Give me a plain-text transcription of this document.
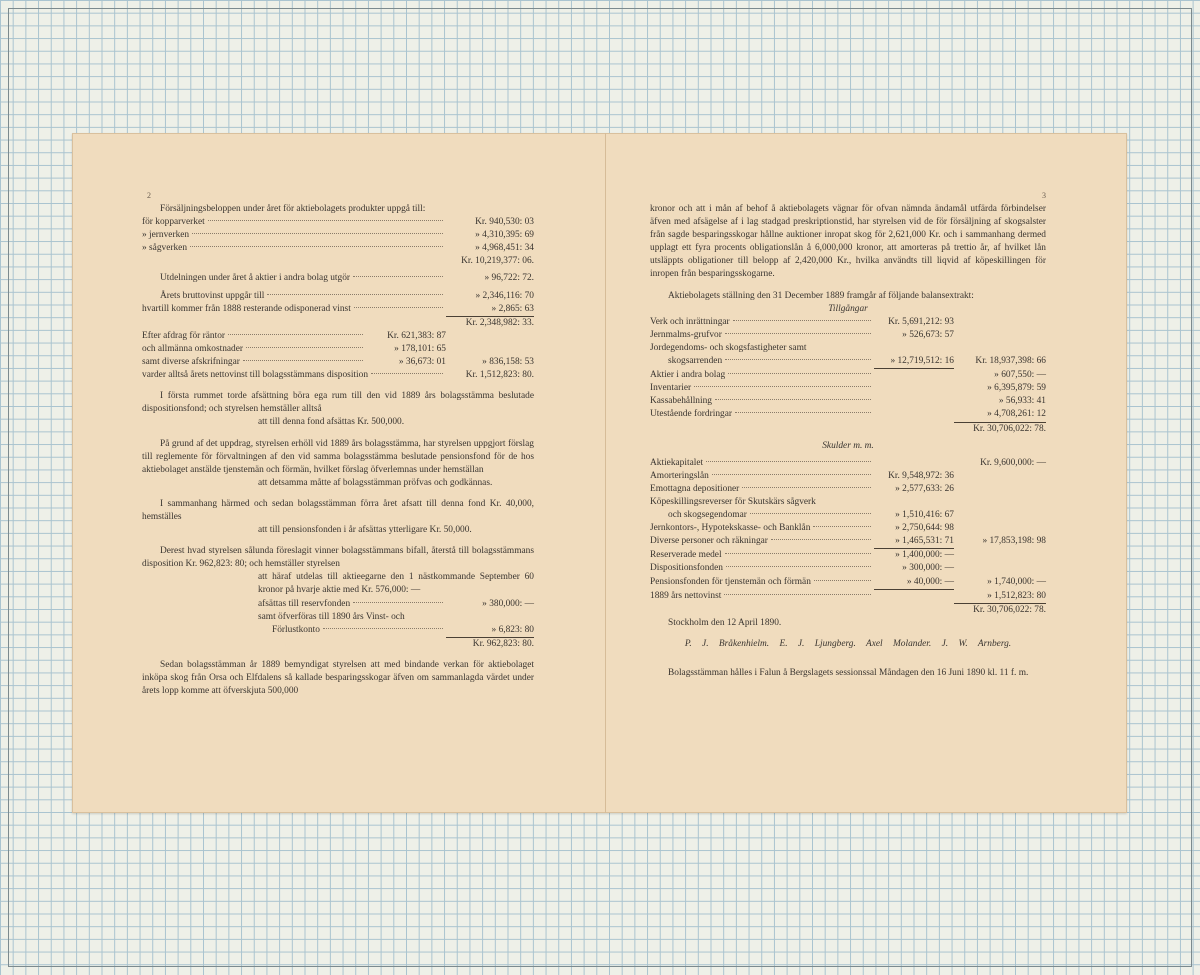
2	3

Försäljningsbeloppen under året för aktiebolagets produkter uppgå till:

för kopparverket	Kr. 940,530: 03
» jernverken	» 4,310,395: 69
» sågverken	» 4,968,451: 34
Kr. 10,219,377: 06.
Utdelningen under året å aktier i andra bolag utgör	» 96,722: 72.
Årets bruttovinst uppgår till	» 2,346,116: 70
hvartill kommer från 1888 resterande odisponerad vinst	» 2,865: 63
Kr. 2,348,982: 33.
Efter afdrag för räntor	Kr. 621,383: 87
och allmänna omkostnader	» 178,101: 65
samt diverse afskrifningar	» 36,673: 01	» 836,158: 53
varder alltså årets nettovinst till bolagsstämmans disposition	Kr. 1,512,823: 80.

I första rummet torde afsättning böra ega rum till den vid 1889 års bolagsstämma beslutade dispositionsfond; och styrelsen hemställer alltså

att till denna fond afsättas Kr. 500,000.

På grund af det uppdrag, styrelsen erhöll vid 1889 års bolagsstämma, har styrelsen uppgjort förslag till reglemente för förvaltningen af den vid samma bolagsstämma beslutade pensionsfond för de hos aktiebolaget anstälde tjenstemän och förmän, hvilket förslag öfverlemnas under hemställan

att detsamma måtte af bolagsstämman pröfvas och godkännas.

I sammanhang härmed och sedan bolagsstämman förra året afsatt till denna fond Kr. 40,000, hemställes

att till pensionsfonden i år afsättas ytterligare Kr. 50,000.

Derest hvad styrelsen sålunda föreslagit vinner bolagsstämmans bifall, återstå till bolagsstämmans disposition Kr. 962,823: 80; och hemställer styrelsen

att häraf utdelas till aktieegarne den 1 nästkommande September 60 kronor på hvarje aktie med Kr. 576,000: —

afsättas till reservfonden	» 380,000: —

samt öfverföras till 1890 års Vinst- och

Förlustkonto	» 6,823: 80
Kr. 962,823: 80.

Sedan bolagsstämman år 1889 bemyndigat styrelsen att med bindande verkan för aktiebolaget inköpa skog från Orsa och Elfdalens så kallade besparingsskogar äfven om sammanlagda värdet under årets lopp komme att öfverskjuta 500,000

kronor och att i mån af behof å aktiebolagets vägnar för ofvan nämnda ändamål utfärda förbindelser äfven med afsägelse af i lag stadgad preskriptionstid, har styrelsen vid de för försäljning af skogsalster från sagde besparingsskogar hållne auktioner inropat skog för 2,621,000 Kr. och i sammanhang dermed upplagt ett fyra procents obligationslån å 6,000,000 kronor, att amorteras på trettio år, af hvilket lån utsläppts obligationer till belopp af 2,420,000 Kr., hvilka användts till liqvid af köpeskillingen för inropen från besparingsskogarne.

Aktiebolagets ställning den 31 December 1889 framgår af följande balansextrakt:

Tillgångar

Verk och inrättningar	Kr. 5,691,212: 93
Jernmalms-grufvor	» 526,673: 57
Jordegendoms- och skogsfastigheter samt
skogsarrenden	» 12,719,512: 16	Kr. 18,937,398: 66
Aktier i andra bolag	» 607,550: —
Inventarier	» 6,395,879: 59
Kassabehållning	» 56,933: 41
Utestående fordringar	» 4,708,261: 12
Kr. 30,706,022: 78.

Skulder m. m.

Aktiekapitalet	Kr. 9,600,000: —
Amorteringslån	Kr. 9,548,972: 36
Emottagna depositioner	» 2,577,633: 26
Köpeskillingsreverser för Skutskärs sågverk
och skogsegendomar	» 1,510,416: 67
Jernkontors-, Hypotekskasse- och Banklån	» 2,750,644: 98
Diverse personer och räkningar	» 1,465,531: 71	» 17,853,198: 98
Reserverade medel	» 1,400,000: —
Dispositionsfonden	» 300,000: —
Pensionsfonden för tjenstemän och förmän	» 40,000: —	» 1,740,000: —
1889 års nettovinst	» 1,512,823: 80
Kr. 30,706,022: 78.

Stockholm den 12 April 1890.

P. J. Bråkenhielm. E. J. Ljungberg. Axel Molander. J. W. Arnberg.

Bolagsstämman hålles i Falun å Bergslagets sessionssal Måndagen den 16 Juni 1890 kl. 11 f. m.
